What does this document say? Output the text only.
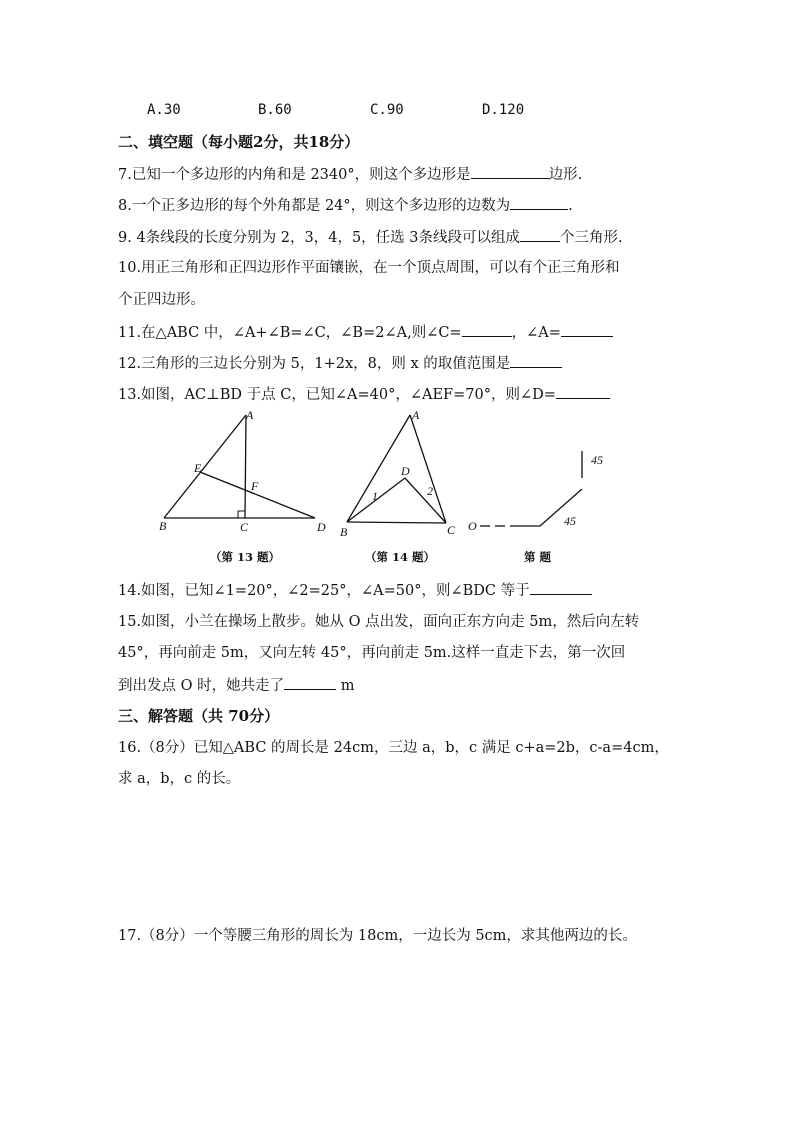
A.30	B.60	C.90	D.120
二、填空题（每小题2分，共18分）
7.已知一个多边形的内角和是 2340°，则这个多边形是	边形.
8.一个正多边形的每个外角都是 24°，则这个多边形的边数为	.
9. 4条线段的长度分别为 2，3，4，5，任选 3条线段可以组成	个三角形.
10.用正三角形和正四边形作平面镶嵌，在一个顶点周围，可以有个正三角形和
个正四边形。
11.在△ABC 中，∠A+∠B=∠C，∠B=2∠A,则∠C=	，∠A=
12.三角形的三边长分别为 5，1+2x，8，则 x 的取值范围是
13.如图，AC⊥BD 于点 C，已知∠A=40°，∠AEF=70°，则∠D=
A
E
F
B	C	D
（第 13 题）
A
D
1	2
B	C
（第 14 题）
O	45
45
第 题
14.如图，已知∠1=20°，∠2=25°，∠A=50°，则∠BDC 等于
15.如图，小兰在操场上散步。她从 O 点出发，面向正东方向走 5m，然后向左转
45°，再向前走 5m，又向左转 45°，再向前走 5m.这样一直走下去，第一次回
到出发点 O 时，她共走了	m
三、解答题（共 70分）
16.（8分）已知△ABC 的周长是 24cm，三边 a，b，c 满足 c+a=2b，c-a=4cm，
求 a，b，c 的长。
17.（8分）一个等腰三角形的周长为 18cm，一边长为 5cm，求其他两边的长。
